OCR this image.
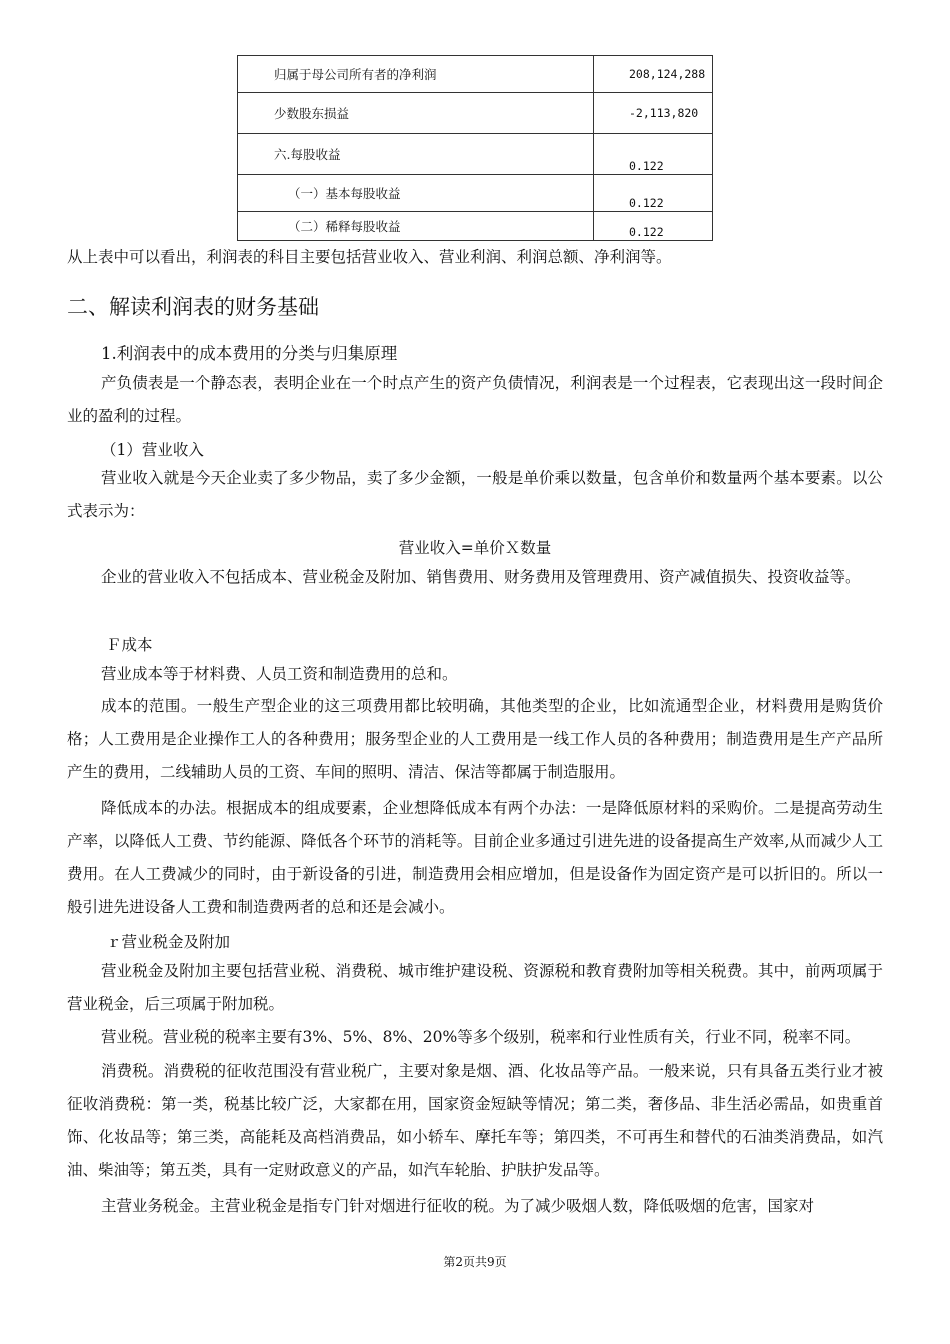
归属于母公司所有者的净利润	208,124,288
少数股东损益	-2,113,820
六.每股收益	0.122
（一）基本每股收益	0.122
（二）稀释每股收益	0.122
从上表中可以看出，利润表的科目主要包括营业收入、营业利润、利润总额、净利润等。
二、解读利润表的财务基础
1.利润表中的成本费用的分类与归集原理

产负债表是一个静态表，表明企业在一个时点产生的资产负债情况，利润表是一个过程表，它表现出这一段时间企业的盈利的过程。

（1）营业收入

营业收入就是今天企业卖了多少物品，卖了多少金额，一般是单价乘以数量，包含单价和数量两个基本要素。以公式表示为：

营业收入=单价Ｘ数量

企业的营业收入不包括成本、营业税金及附加、销售费用、财务费用及管理费用、资产减值损失、投资收益等。

Ｆ成本

营业成本等于材料费、人员工资和制造费用的总和。

成本的范围。一般生产型企业的这三项费用都比较明确，其他类型的企业，比如流通型企业，材料费用是购货价格；人工费用是企业操作工人的各种费用；服务型企业的人工费用是一线工作人员的各种费用；制造费用是生产产品所产生的费用，二线辅助人员的工资、车间的照明、清洁、保洁等都属于制造服用。

降低成本的办法。根据成本的组成要素，企业想降低成本有两个办法：一是降低原材料的采购价。二是提高劳动生产率，以降低人工费、节约能源、降低各个环节的消耗等。目前企业多通过引进先进的设备提高生产效率,从而减少人工费用。在人工费减少的同时，由于新设备的引进，制造费用会相应增加，但是设备作为固定资产是可以折旧的。所以一般引进先进设备人工费和制造费两者的总和还是会减小。

ｒ营业税金及附加

营业税金及附加主要包括营业税、消费税、城市维护建设税、资源税和教育费附加等相关税费。其中，前两项属于营业税金，后三项属于附加税。

营业税。营业税的税率主要有3%、5%、8%、20%等多个级别，税率和行业性质有关，行业不同，税率不同。

消费税。消费税的征收范围没有营业税广，主要对象是烟、酒、化妆品等产品。一般来说，只有具备五类行业才被征收消费税：第一类，税基比较广泛，大家都在用，国家资金短缺等情况；第二类，奢侈品、非生活必需品，如贵重首饰、化妆品等；第三类，高能耗及高档消费品，如小轿车、摩托车等；第四类，不可再生和替代的石油类消费品，如汽油、柴油等；第五类，具有一定财政意义的产品，如汽车轮胎、护肤护发品等。

主营业务税金。主营业税金是指专门针对烟进行征收的税。为了减少吸烟人数，降低吸烟的危害，国家对

第2页共9页
